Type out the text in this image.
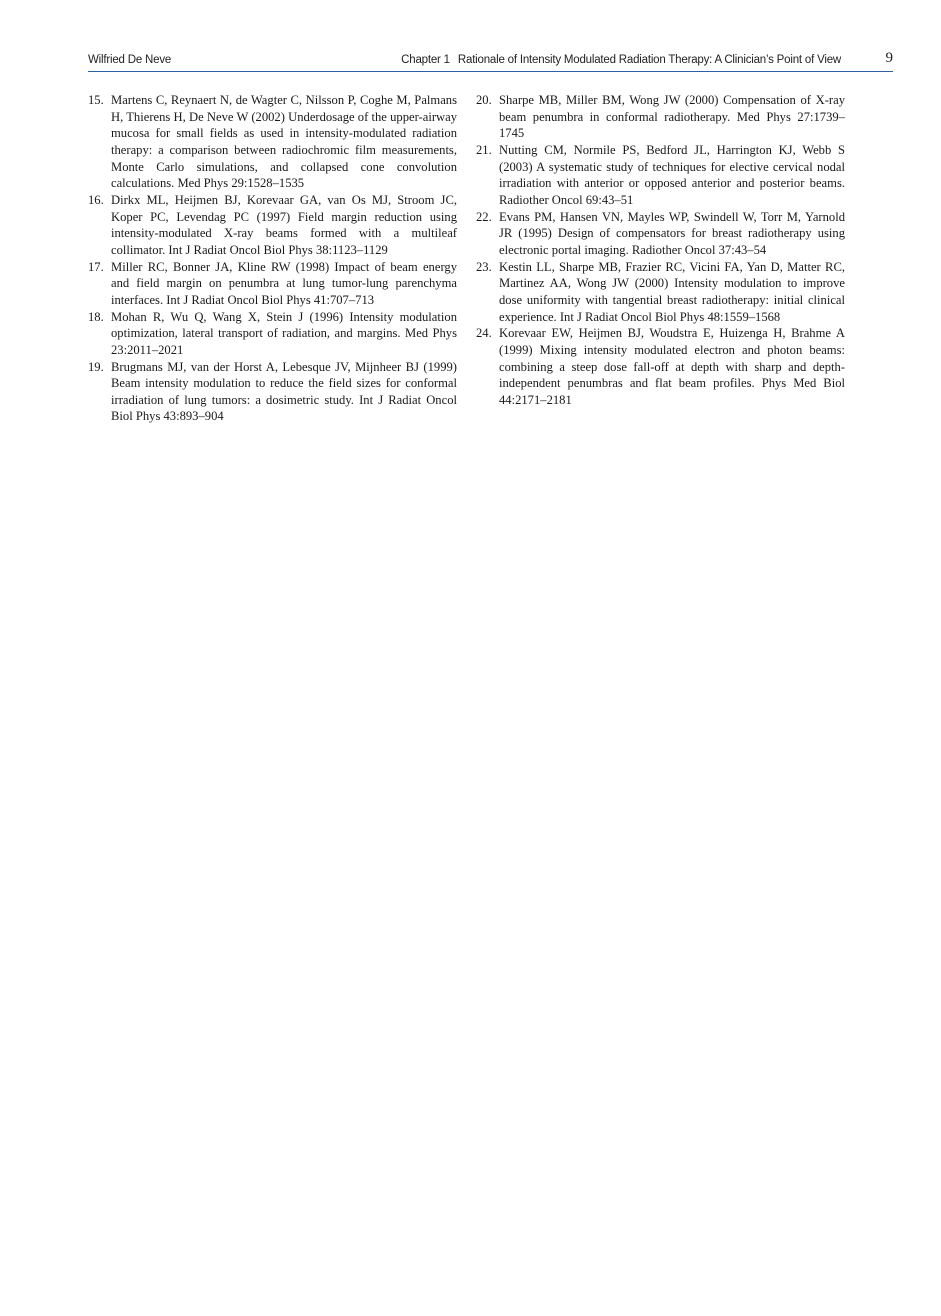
Wilfried De Neve	Chapter 1 Rationale of Intensity Modulated Radiation Therapy: A Clinician’s Point of View	9
15. Martens C, Reynaert N, de Wagter C, Nilsson P, Coghe M, Palmans H, Thierens H, De Neve W (2002) Underdosage of the upper-airway mucosa for small fields as used in intensity-modulated radiation therapy: a comparison between radiochromic film measurements, Monte Carlo simulations, and collapsed cone convolution calculations. Med Phys 29:1528–1535
16. Dirkx ML, Heijmen BJ, Korevaar GA, van Os MJ, Stroom JC, Koper PC, Levendag PC (1997) Field margin reduction using intensity-modulated X-ray beams formed with a multileaf collimator. Int J Radiat Oncol Biol Phys 38:1123–1129
17. Miller RC, Bonner JA, Kline RW (1998) Impact of beam energy and field margin on penumbra at lung tumor-lung parenchyma interfaces. Int J Radiat Oncol Biol Phys 41:707–713
18. Mohan R, Wu Q, Wang X, Stein J (1996) Intensity modulation optimization, lateral transport of radiation, and margins. Med Phys 23:2011–2021
19. Brugmans MJ, van der Horst A, Lebesque JV, Mijnheer BJ (1999) Beam intensity modulation to reduce the field sizes for conformal irradiation of lung tumors: a dosimetric study. Int J Radiat Oncol Biol Phys 43:893–904
20. Sharpe MB, Miller BM, Wong JW (2000) Compensation of X-ray beam penumbra in conformal radiotherapy. Med Phys 27:1739–1745
21. Nutting CM, Normile PS, Bedford JL, Harrington KJ, Webb S (2003) A systematic study of techniques for elective cervical nodal irradiation with anterior or opposed anterior and posterior beams. Radiother Oncol 69:43–51
22. Evans PM, Hansen VN, Mayles WP, Swindell W, Torr M, Yarnold JR (1995) Design of compensators for breast radiotherapy using electronic portal imaging. Radiother Oncol 37:43–54
23. Kestin LL, Sharpe MB, Frazier RC, Vicini FA, Yan D, Matter RC, Martinez AA, Wong JW (2000) Intensity modulation to improve dose uniformity with tangential breast radiotherapy: initial clinical experience. Int J Radiat Oncol Biol Phys 48:1559–1568
24. Korevaar EW, Heijmen BJ, Woudstra E, Huizenga H, Brahme A (1999) Mixing intensity modulated electron and photon beams: combining a steep dose fall-off at depth with sharp and depth-independent penumbras and flat beam profiles. Phys Med Biol 44:2171–2181
